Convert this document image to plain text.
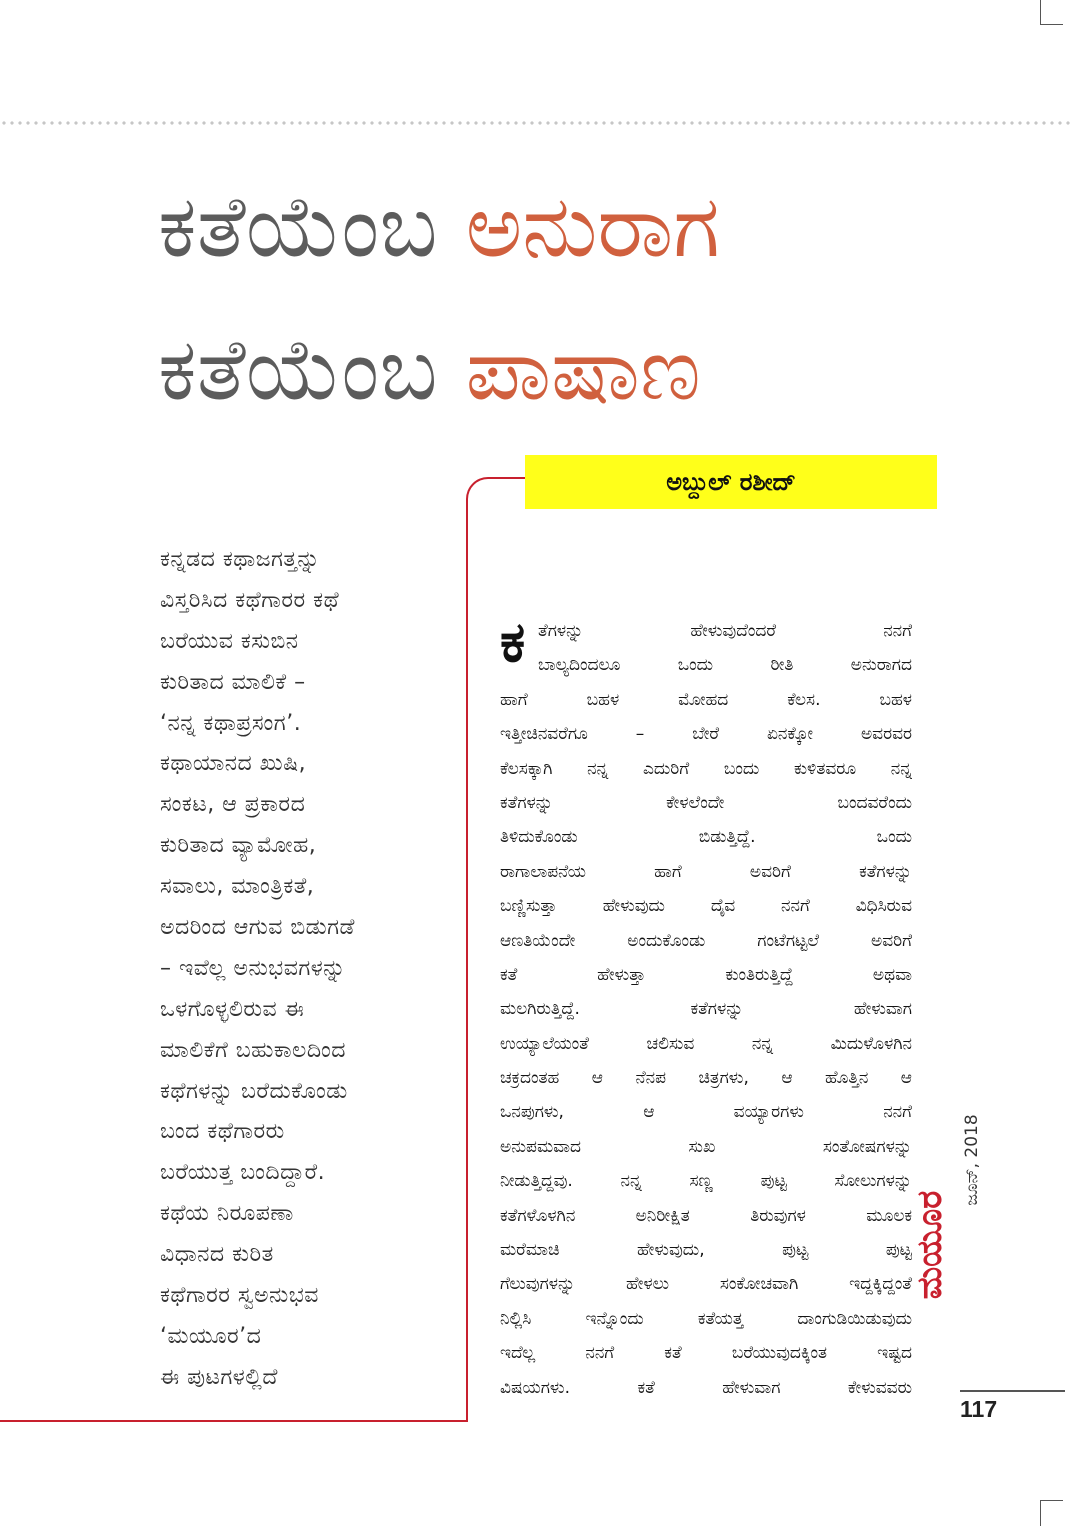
ಕತೆಯೆಂಬ ಅನುರಾಗ
ಕತೆಯೆಂಬ ಪಾಷಾಣ
ಅಬ್ದುಲ್ ರಶೀದ್
ಕನ್ನಡದ ಕಥಾಜಗತ್ತನ್ನು
ವಿಸ್ತರಿಸಿದ ಕಥೆಗಾರರ ಕಥೆ
ಬರೆಯುವ ಕಸುಬಿನ
ಕುರಿತಾದ ಮಾಲಿಕೆ –
‘ನನ್ನ ಕಥಾಪ್ರಸಂಗ’.
ಕಥಾಯಾನದ ಖುಷಿ,
ಸಂಕಟ, ಆ ಪ್ರಕಾರದ
ಕುರಿತಾದ ವ್ಯಾಮೋಹ,
ಸವಾಲು, ಮಾಂತ್ರಿಕತೆ,
ಅದರಿಂದ ಆಗುವ ಬಿಡುಗಡೆ
– ಇವೆಲ್ಲ ಅನುಭವಗಳನ್ನು
ಒಳಗೊಳ್ಳಲಿರುವ ಈ
ಮಾಲಿಕೆಗೆ ಬಹುಕಾಲದಿಂದ
ಕಥೆಗಳನ್ನು ಬರೆದುಕೊಂಡು
ಬಂದ ಕಥೆಗಾರರು
ಬರೆಯುತ್ತ ಬಂದಿದ್ದಾರೆ.
ಕಥೆಯ ನಿರೂಪಣಾ
ವಿಧಾನದ ಕುರಿತ
ಕಥೆಗಾರರ ಸ್ವಅನುಭವ
‘ಮಯೂರ’ದ
ಈ ಪುಟಗಳಲ್ಲಿದೆ
ಕ ತೆಗಳನ್ನು ಹೇಳುವುದೆಂದರೆ ನನಗೆ
ಬಾಲ್ಯದಿಂದಲೂ ಒಂದು ರೀತಿ ಅನುರಾಗದ
ಹಾಗೆ ಬಹಳ ಮೋಹದ ಕೆಲಸ. ಬಹಳ
ಇತ್ತೀಚಿನವರೆಗೂ – ಬೇರೆ ಏನಕ್ಕೋ ಅವರವರ
ಕೆಲಸಕ್ಕಾಗಿ ನನ್ನ ಎದುರಿಗೆ ಬಂದು ಕುಳಿತವರೂ ನನ್ನ
ಕತೆಗಳನ್ನು ಕೇಳಲೆಂದೇ ಬಂದವರೆಂದು
ತಿಳಿದುಕೊಂಡು ಬಿಡುತ್ತಿದ್ದೆ. ಒಂದು
ರಾಗಾಲಾಪನೆಯ ಹಾಗೆ ಅವರಿಗೆ ಕತೆಗಳನ್ನು
ಬಣ್ಣಿಸುತ್ತಾ ಹೇಳುವುದು ದೈವ ನನಗೆ ವಿಧಿಸಿರುವ
ಆಣತಿಯೆಂದೇ ಅಂದುಕೊಂಡು ಗಂಟೆಗಟ್ಟಲೆ ಅವರಿಗೆ
ಕತೆ ಹೇಳುತ್ತಾ ಕುಂತಿರುತ್ತಿದ್ದೆ ಅಥವಾ
ಮಲಗಿರುತ್ತಿದ್ದೆ. ಕತೆಗಳನ್ನು ಹೇಳುವಾಗ
ಉಯ್ಯಾಲೆಯಂತೆ ಚಲಿಸುವ ನನ್ನ ಮಿದುಳೊಳಗಿನ
ಚಕ್ರದಂತಹ ಆ ನೆನಪ ಚಿತ್ರಗಳು, ಆ ಹೊತ್ತಿನ ಆ
ಒನಪುಗಳು, ಆ ವಯ್ಯಾರಗಳು ನನಗೆ
ಅನುಪಮವಾದ ಸುಖ ಸಂತೋಷಗಳನ್ನು
ನೀಡುತ್ತಿದ್ದವು. ನನ್ನ ಸಣ್ಣ ಪುಟ್ಟ ಸೋಲುಗಳನ್ನು
ಕತೆಗಳೊಳಗಿನ ಅನಿರೀಕ್ಷಿತ ತಿರುವುಗಳ ಮೂಲಕ
ಮರೆಮಾಚಿ ಹೇಳುವುದು, ಪುಟ್ಟ ಪುಟ್ಟ
ಗೆಲುವುಗಳನ್ನು ಹೇಳಲು ಸಂಕೋಚವಾಗಿ ಇದ್ದಕ್ಕಿದ್ದಂತೆ
ನಿಲ್ಲಿಸಿ ಇನ್ನೊಂದು ಕತೆಯತ್ತ ದಾಂಗುಡಿಯಿಡುವುದು
ಇದೆಲ್ಲ ನನಗೆ ಕತೆ ಬರೆಯುವುದಕ್ಕಿಂತ ಇಷ್ಟದ
ವಿಷಯಗಳು. ಕತೆ ಹೇಳುವಾಗ ಕೇಳುವವರು
ಮಯೂರ
ಜೂನ್, 2018
117
